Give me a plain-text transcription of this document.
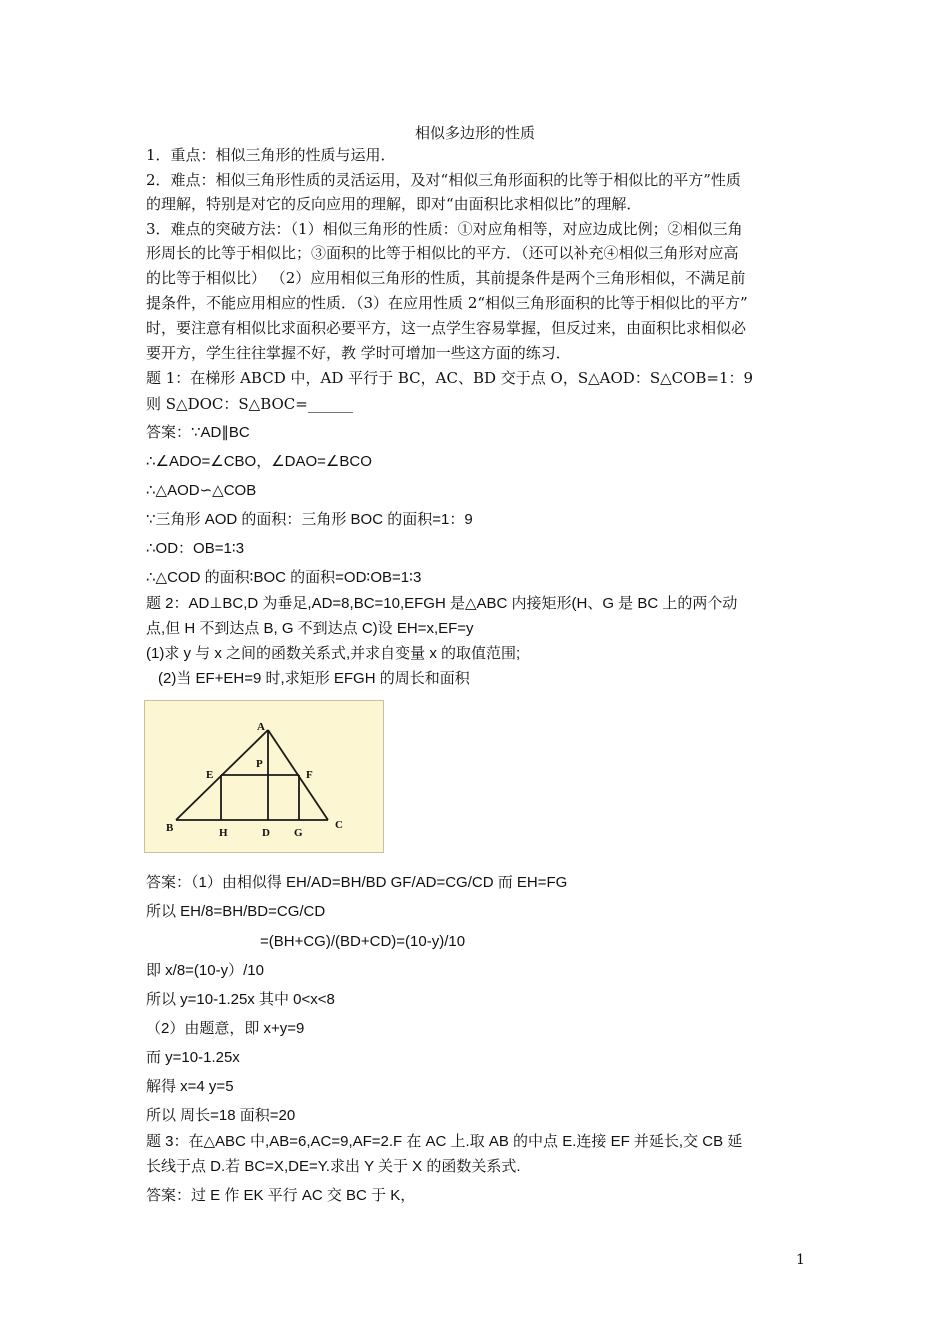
相似多边形的性质
1．重点：相似三角形的性质与运用．
2．难点：相似三角形性质的灵活运用，及对“相似三角形面积的比等于相似比的平方”性质
的理解，特别是对它的反向应用的理解，即对“由面积比求相似比”的理解．
3．难点的突破方法：（1）相似三角形的性质：①对应角相等，对应边成比例；②相似三角
形周长的比等于相似比；③面积的比等于相似比的平方．（还可以补充④相似三角形对应高
的比等于相似比） （2）应用相似三角形的性质，其前提条件是两个三角形相似，不满足前
提条件，不能应用相应的性质．（3）在应用性质 2“相似三角形面积的比等于相似比的平方”
时，要注意有相似比求面积必要平方，这一点学生容易掌握，但反过来，由面积比求相似必
要开方，学生往往掌握不好，教 学时可增加一些这方面的练习．
题 1：在梯形 ABCD 中，AD 平行于 BC，AC、BD 交于点 O，S△AOD：S△COB=1：9
则 S△DOC：S△BOC=______
答案：∵AD∥BC
∴∠ADO=∠CBO，∠DAO=∠BCO
∴△AOD∽△COB
∵三角形 AOD 的面积：三角形 BOC 的面积=1：9
∴OD：OB=1∶3
∴△COD 的面积∶BOC 的面积=OD∶OB=1∶3
题 2：AD⊥BC,D 为垂足,AD=8,BC=10,EFGH 是△ABC 内接矩形(H、G 是 BC 上的两个动
点,但 H 不到达点 B, G 不到达点 C)设 EH=x,EF=y
(1)求 y 与 x 之间的函数关系式,并求自变量 x 的取值范围;
(2)当 EF+EH=9 时,求矩形 EFGH 的周长和面积
A
E
P
F
B	H	D G
C
答案：（1）由相似得 EH/AD=BH/BD GF/AD=CG/CD 而 EH=FG
所以 EH/8=BH/BD=CG/CD
=(BH+CG)/(BD+CD)=(10-y)/10
即 x/8=(10-y）/10
所以 y=10-1.25x 其中 0<x<8
（2）由题意，即 x+y=9
而 y=10-1.25x
解得 x=4 y=5
所以 周长=18 面积=20
题 3：在△ABC 中,AB=6,AC=9,AF=2.F 在 AC 上.取 AB 的中点 E.连接 EF 并延长,交 CB 延
长线于点 D.若 BC=X,DE=Y.求出 Y 关于 X 的函数关系式.
答案：过 E 作 EK 平行 AC 交 BC 于 K，
1
